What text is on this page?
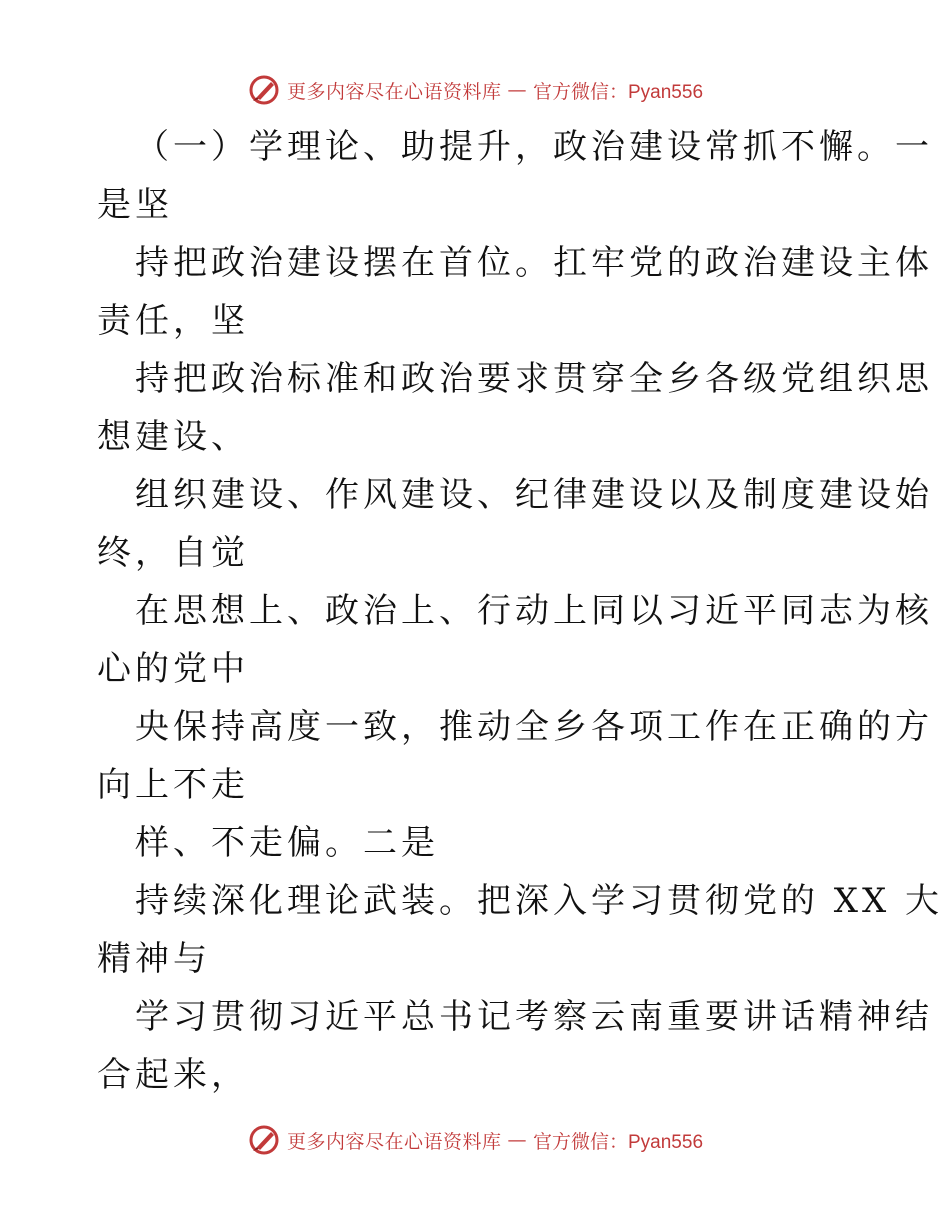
更多内容尽在心语资料库 — 官方微信：Pyan556
（一）学理论、助提升，政治建设常抓不懈。一
是坚
持把政治建设摆在首位。扛牢党的政治建设主体
责任，坚
持把政治标准和政治要求贯穿全乡各级党组织思
想建设、
组织建设、作风建设、纪律建设以及制度建设始
终，自觉
在思想上、政治上、行动上同以习近平同志为核
心的党中
央保持高度一致，推动全乡各项工作在正确的方
向上不走
样、不走偏。二是
持续深化理论武装。把深入学习贯彻党的 XX 大
精神与
学习贯彻习近平总书记考察云南重要讲话精神结
合起来，
更多内容尽在心语资料库 — 官方微信：Pyan556
